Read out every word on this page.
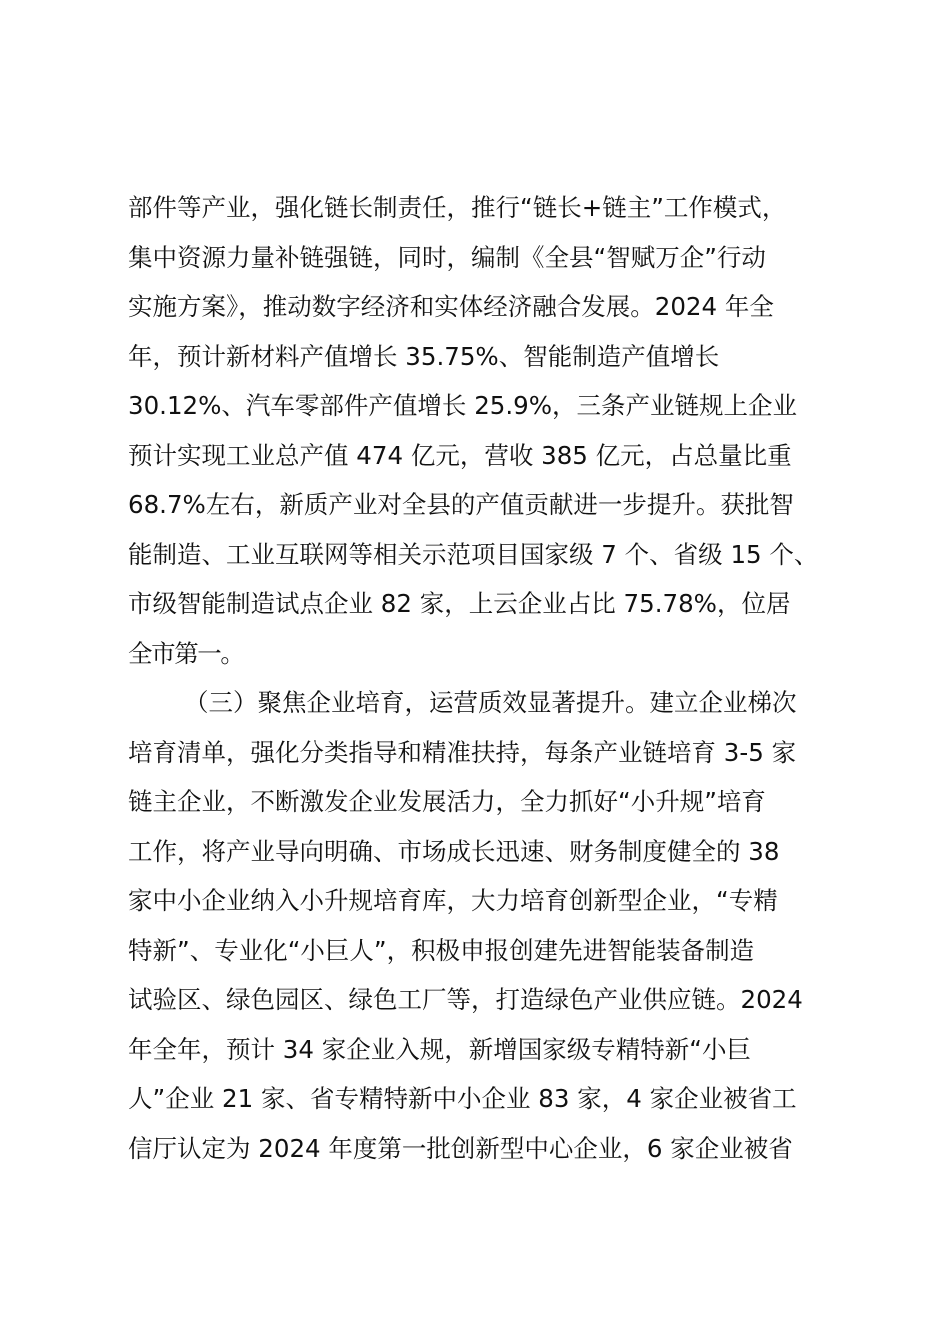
部件等产业，强化链长制责任，推行“链长+链主”工作模式，
集中资源力量补链强链，同时，编制《全县“智赋万企”行动
实施方案》，推动数字经济和实体经济融合发展。2024 年全
年，预计新材料产值增长 35.75%、智能制造产值增长
30.12%、汽车零部件产值增长 25.9%，三条产业链规上企业
预计实现工业总产值 474 亿元，营收 385 亿元，占总量比重
68.7%左右，新质产业对全县的产值贡献进一步提升。获批智
能制造、工业互联网等相关示范项目国家级 7 个、省级 15 个、
市级智能制造试点企业 82 家，上云企业占比 75.78%，位居
全市第一。
（三）聚焦企业培育，运营质效显著提升。建立企业梯次
培育清单，强化分类指导和精准扶持，每条产业链培育 3-5 家
链主企业，不断激发企业发展活力，全力抓好“小升规”培育
工作，将产业导向明确、市场成长迅速、财务制度健全的 38
家中小企业纳入小升规培育库，大力培育创新型企业，“专精
特新”、专业化“小巨人”，积极申报创建先进智能装备制造
试验区、绿色园区、绿色工厂等，打造绿色产业供应链。2024
年全年，预计 34 家企业入规，新增国家级专精特新“小巨
人”企业 21 家、省专精特新中小企业 83 家，4 家企业被省工
信厅认定为 2024 年度第一批创新型中心企业，6 家企业被省
